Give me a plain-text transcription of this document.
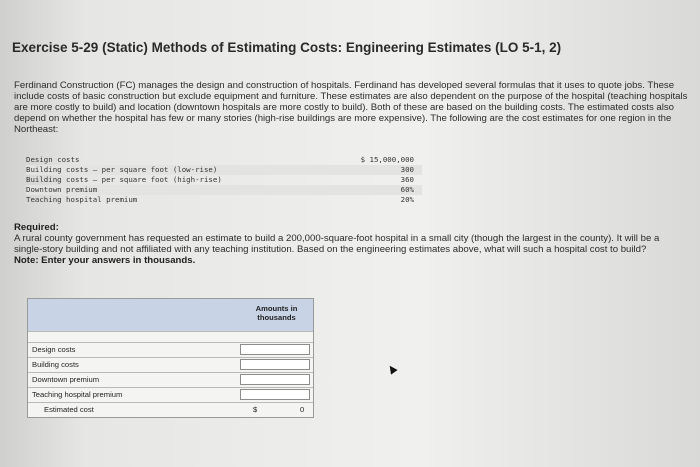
Exercise 5-29 (Static) Methods of Estimating Costs: Engineering Estimates (LO 5-1, 2)
Ferdinand Construction (FC) manages the design and construction of hospitals. Ferdinand has developed several formulas that it uses to quote jobs. These include costs of basic construction but exclude equipment and furniture. These estimates are also dependent on the purpose of the hospital (teaching hospitals are more costly to build) and location (downtown hospitals are more costly to build). Both of these are based on the building costs. The estimated costs also depend on whether the hospital has few or many stories (high-rise buildings are more expensive). The following are the cost estimates for one region in the Northeast:
Design costs	$ 15,000,000
Building costs – per square foot (low-rise)	300
Building costs – per square foot (high-rise)	360
Downtown premium	60%
Teaching hospital premium	20%
Required:
A rural county government has requested an estimate to build a 200,000-square-foot hospital in a small city (though the largest in the county). It will be a single-story building and not affiliated with any teaching institution. Based on the engineering estimates above, what will such a hospital cost to build?
Note: Enter your answers in thousands.
Amounts in thousands
Design costs
Building costs
Downtown premium
Teaching hospital premium
Estimated cost	$	0
